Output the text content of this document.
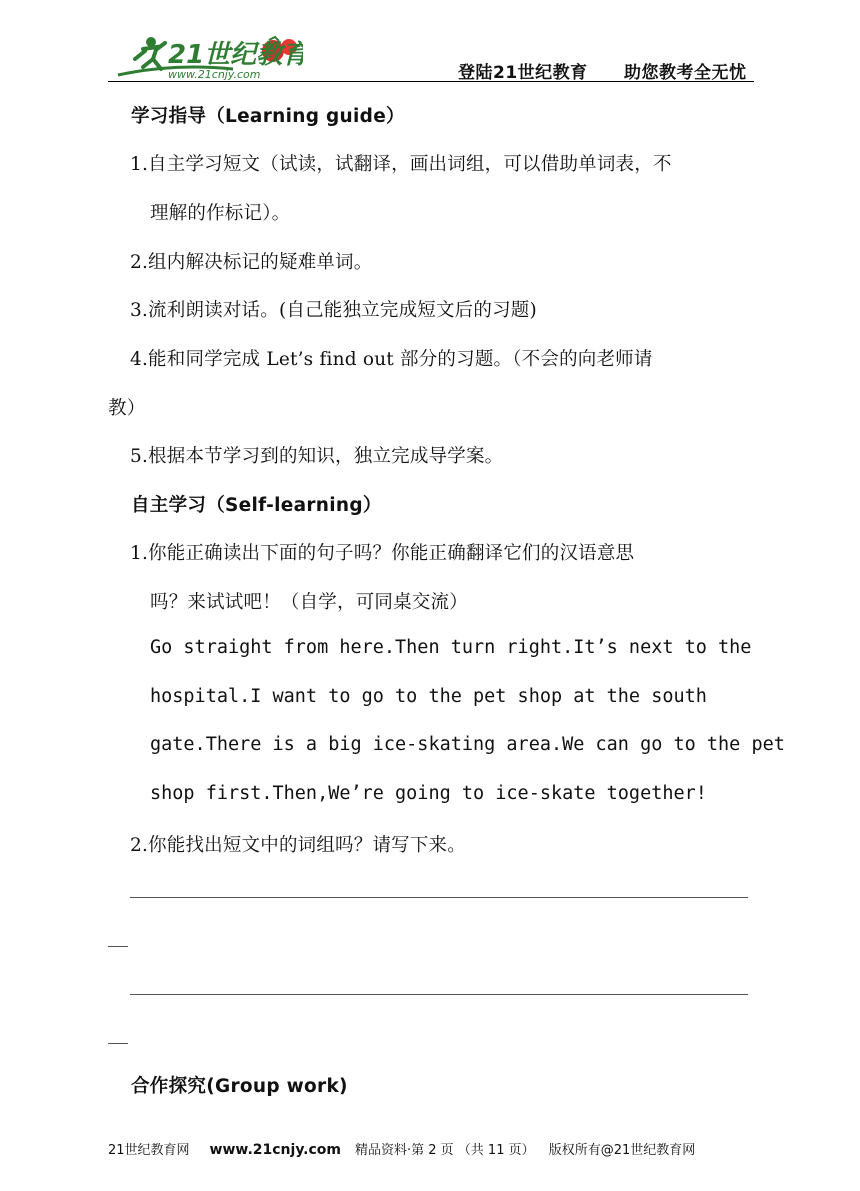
21世纪教育
www.21cnjy.com	登陆21世纪教育 助您教考全无忧
学习指导（Learning guide）
1.自主学习短文（试读，试翻译，画出词组，可以借助单词表，不
理解的作标记）。
2.组内解决标记的疑难单词。
3.流利朗读对话。(自己能独立完成短文后的习题)
4.能和同学完成 Let’s find out 部分的习题。（不会的向老师请
教）
5.根据本节学习到的知识，独立完成导学案。
自主学习（Self-learning）
1.你能正确读出下面的句子吗？你能正确翻译它们的汉语意思
吗？来试试吧！（自学，可同桌交流）
Go straight from here.Then turn right.It’s next to the
hospital.I want to go to the pet shop at the south
gate.There is a big ice-skating area.We can go to the pet
shop first.Then,We’re going to ice-skate together!
2.你能找出短文中的词组吗？请写下来。
合作探究(Group work)
21世纪教育网 www.21cnjy.com 精品资料·第 2 页 （共 11 页） 版权所有@21世纪教育网
